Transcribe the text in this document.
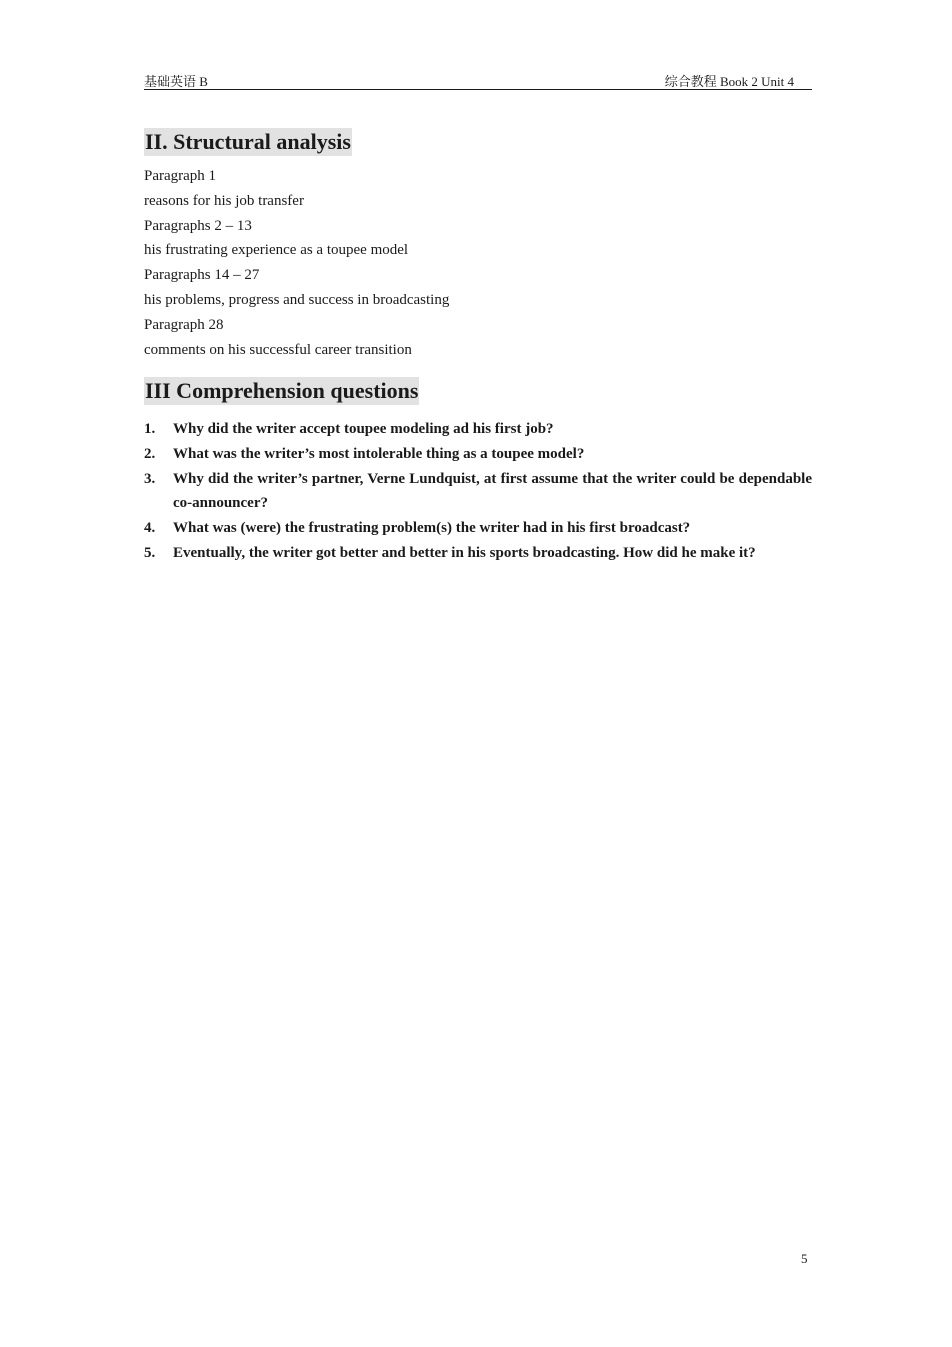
基础英语 B	综合教程 Book 2 Unit 4
II. Structural analysis
Paragraph 1
reasons for his job transfer
Paragraphs 2 – 13
his frustrating experience as a toupee model
Paragraphs 14 – 27
his problems, progress and success in broadcasting
Paragraph 28
comments on his successful career transition
III Comprehension questions
1. Why did the writer accept toupee modeling ad his first job?
2. What was the writer’s most intolerable thing as a toupee model?
3. Why did the writer’s partner, Verne Lundquist, at first assume that the writer could be dependable co-announcer?
4. What was (were) the frustrating problem(s) the writer had in his first broadcast?
5. Eventually, the writer got better and better in his sports broadcasting. How did he make it?
5
